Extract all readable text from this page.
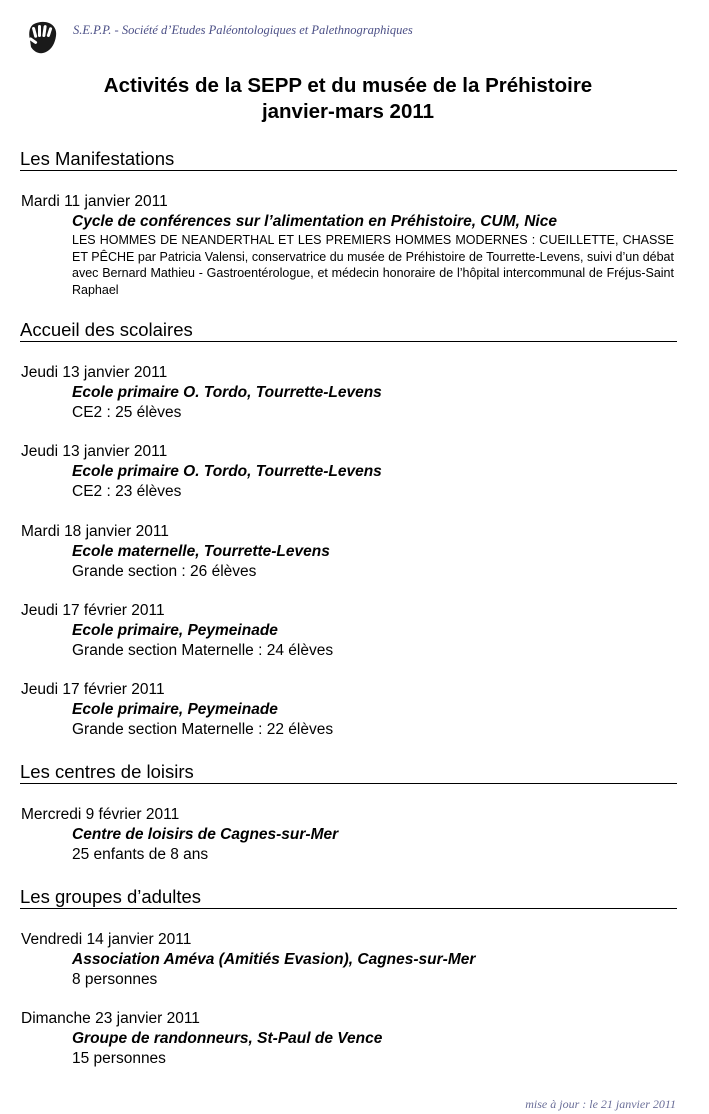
S.E.P.P. - Société d’Etudes Paléontologiques et Palethnographiques
Activités de la SEPP et du musée de la Préhistoire
janvier-mars 2011
Les Manifestations
Mardi 11 janvier 2011
Cycle de conférences sur l’alimentation en Préhistoire, CUM, Nice
LES HOMMES DE NEANDERTHAL ET LES PREMIERS HOMMES MODERNES : CUEILLETTE, CHASSE ET PÊCHE par Patricia Valensi, conservatrice du musée de Préhistoire de Tourrette-Levens, suivi d’un débat avec Bernard Mathieu - Gastroentérologue, et médecin honoraire de l’hôpital intercommunal de Fréjus-Saint Raphael
Accueil des scolaires
Jeudi 13 janvier 2011
Ecole primaire O. Tordo, Tourrette-Levens
CE2 : 25 élèves
Jeudi 13 janvier 2011
Ecole primaire O. Tordo, Tourrette-Levens
CE2 : 23 élèves
Mardi 18 janvier 2011
Ecole maternelle, Tourrette-Levens
Grande section : 26 élèves
Jeudi 17 février 2011
Ecole primaire, Peymeinade
Grande section Maternelle : 24 élèves
Jeudi 17 février 2011
Ecole primaire, Peymeinade
Grande section Maternelle : 22 élèves
Les centres de loisirs
Mercredi 9 février 2011
Centre de loisirs de Cagnes-sur-Mer
25 enfants de 8 ans
Les groupes d’adultes
Vendredi 14 janvier 2011
Association Améva (Amitiés Evasion), Cagnes-sur-Mer
8 personnes
Dimanche 23 janvier 2011
Groupe de randonneurs, St-Paul de Vence
15 personnes
mise à jour : le 21 janvier 2011
